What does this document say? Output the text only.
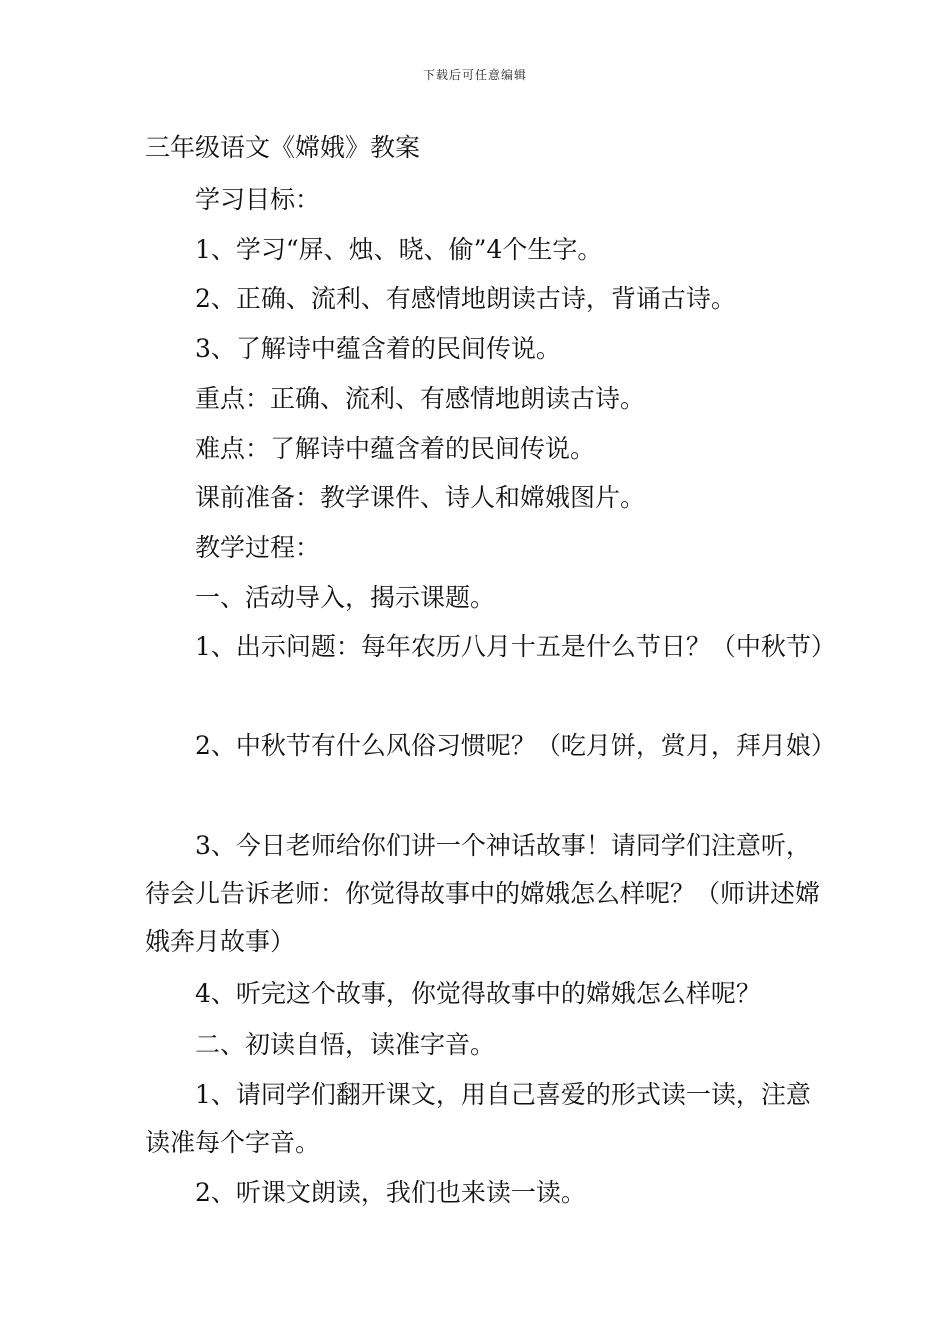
下载后可任意编辑
三年级语文《嫦娥》教案

学习目标：

1、学习“屏、烛、晓、偷”4个生字。

2、正确、流利、有感情地朗读古诗，背诵古诗。

3、了解诗中蕴含着的民间传说。

重点：正确、流利、有感情地朗读古诗。

难点：了解诗中蕴含着的民间传说。

课前准备：教学课件、诗人和嫦娥图片。

教学过程：

一、活动导入，揭示课题。

1、出示问题：每年农历八月十五是什么节日？（中秋节）

2、中秋节有什么风俗习惯呢？（吃月饼，赏月，拜月娘）

3、今日老师给你们讲一个神话故事！请同学们注意听，待会儿告诉老师：你觉得故事中的嫦娥怎么样呢？（师讲述嫦娥奔月故事）

4、听完这个故事，你觉得故事中的嫦娥怎么样呢？

二、初读自悟，读准字音。

1、请同学们翻开课文，用自己喜爱的形式读一读，注意读准每个字音。

2、听课文朗读，我们也来读一读。
